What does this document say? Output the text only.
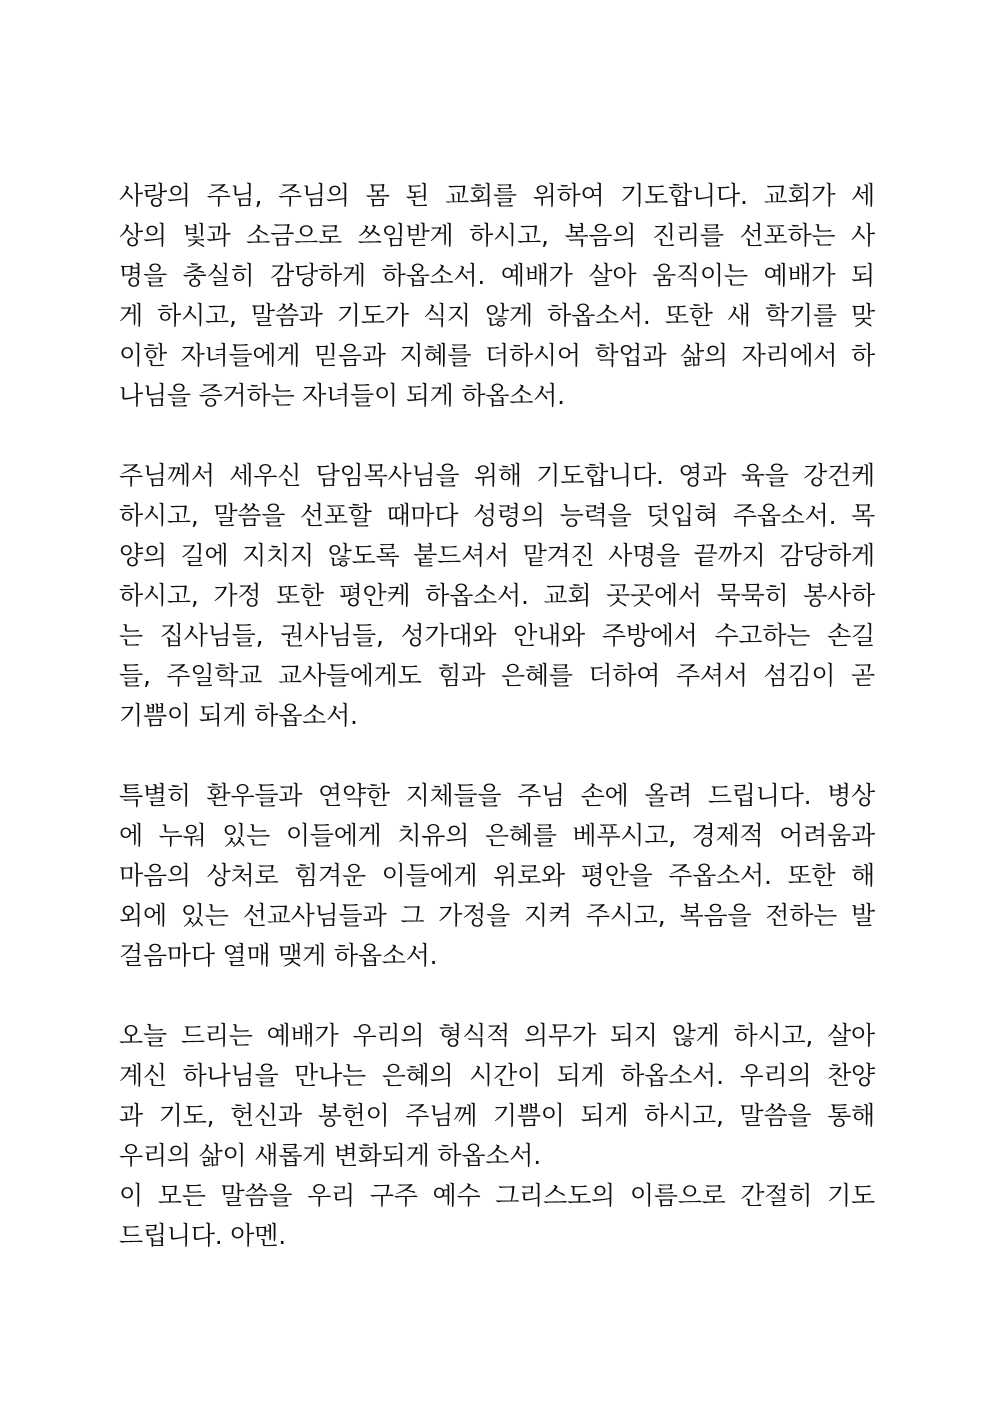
사랑의 주님, 주님의 몸 된 교회를 위하여 기도합니다. 교회가 세
상의 빛과 소금으로 쓰임받게 하시고, 복음의 진리를 선포하는 사
명을 충실히 감당하게 하옵소서. 예배가 살아 움직이는 예배가 되
게 하시고, 말씀과 기도가 식지 않게 하옵소서. 또한 새 학기를 맞
이한 자녀들에게 믿음과 지혜를 더하시어 학업과 삶의 자리에서 하
나님을 증거하는 자녀들이 되게 하옵소서.

주님께서 세우신 담임목사님을 위해 기도합니다. 영과 육을 강건케
하시고, 말씀을 선포할 때마다 성령의 능력을 덧입혀 주옵소서. 목
양의 길에 지치지 않도록 붙드셔서 맡겨진 사명을 끝까지 감당하게
하시고, 가정 또한 평안케 하옵소서. 교회 곳곳에서 묵묵히 봉사하
는 집사님들, 권사님들, 성가대와 안내와 주방에서 수고하는 손길
들, 주일학교 교사들에게도 힘과 은혜를 더하여 주셔서 섬김이 곧
기쁨이 되게 하옵소서.

특별히 환우들과 연약한 지체들을 주님 손에 올려 드립니다. 병상
에 누워 있는 이들에게 치유의 은혜를 베푸시고, 경제적 어려움과
마음의 상처로 힘겨운 이들에게 위로와 평안을 주옵소서. 또한 해
외에 있는 선교사님들과 그 가정을 지켜 주시고, 복음을 전하는 발
걸음마다 열매 맺게 하옵소서.

오늘 드리는 예배가 우리의 형식적 의무가 되지 않게 하시고, 살아
계신 하나님을 만나는 은혜의 시간이 되게 하옵소서. 우리의 찬양
과 기도, 헌신과 봉헌이 주님께 기쁨이 되게 하시고, 말씀을 통해
우리의 삶이 새롭게 변화되게 하옵소서.

이 모든 말씀을 우리 구주 예수 그리스도의 이름으로 간절히 기도
드립니다. 아멘.
